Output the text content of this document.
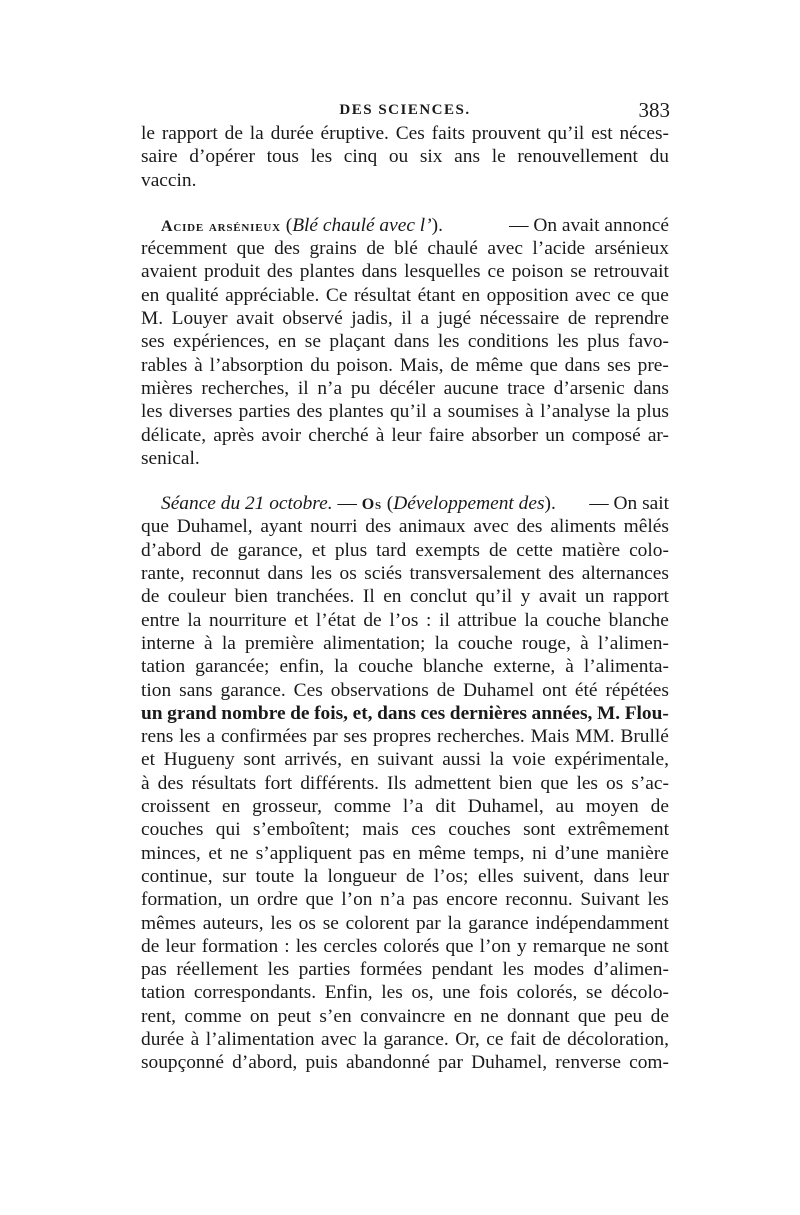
DES SCIENCES.	383
le rapport de la durée éruptive. Ces faits prouvent qu’il est néces-
saire d’opérer tous les cinq ou six ans le renouvellement du
vaccin.
Acide arsénieux (Blé chaulé avec l’).	— On avait annoncé
récemment que des grains de blé chaulé avec l’acide arsénieux
avaient produit des plantes dans lesquelles ce poison se retrouvait
en qualité appréciable. Ce résultat étant en opposition avec ce que
M. Louyer avait observé jadis, il a jugé nécessaire de reprendre
ses expériences, en se plaçant dans les conditions les plus favo-
rables à l’absorption du poison. Mais, de même que dans ses pre-
mières recherches, il n’a pu décéler aucune trace d’arsenic dans
les diverses parties des plantes qu’il a soumises à l’analyse la plus
délicate, après avoir cherché à leur faire absorber un composé ar-
senical.
Séance du 21 octobre. — Os (Développement des). — On sait
que Duhamel, ayant nourri des animaux avec des aliments mêlés
d’abord de garance, et plus tard exempts de cette matière colo-
rante, reconnut dans les os sciés transversalement des alternances
de couleur bien tranchées. Il en conclut qu’il y avait un rapport
entre la nourriture et l’état de l’os : il attribue la couche blanche
interne à la première alimentation; la couche rouge, à l’alimen-
tation garancée; enfin, la couche blanche externe, à l’alimenta-
tion sans garance. Ces observations de Duhamel ont été répétées
un grand nombre de fois, et, dans ces dernières années, M. Flou-
rens les a confirmées par ses propres recherches. Mais MM. Brullé
et Hugueny sont arrivés, en suivant aussi la voie expérimentale,
à des résultats fort différents. Ils admettent bien que les os s’ac-
croissent en grosseur, comme l’a dit Duhamel, au moyen de
couches qui s’emboîtent; mais ces couches sont extrêmement
minces, et ne s’appliquent pas en même temps, ni d’une manière
continue, sur toute la longueur de l’os; elles suivent, dans leur
formation, un ordre que l’on n’a pas encore reconnu. Suivant les
mêmes auteurs, les os se colorent par la garance indépendamment
de leur formation : les cercles colorés que l’on y remarque ne sont
pas réellement les parties formées pendant les modes d’alimen-
tation correspondants. Enfin, les os, une fois colorés, se décolo-
rent, comme on peut s’en convaincre en ne donnant que peu de
durée à l’alimentation avec la garance. Or, ce fait de décoloration,
soupçonné d’abord, puis abandonné par Duhamel, renverse com-
